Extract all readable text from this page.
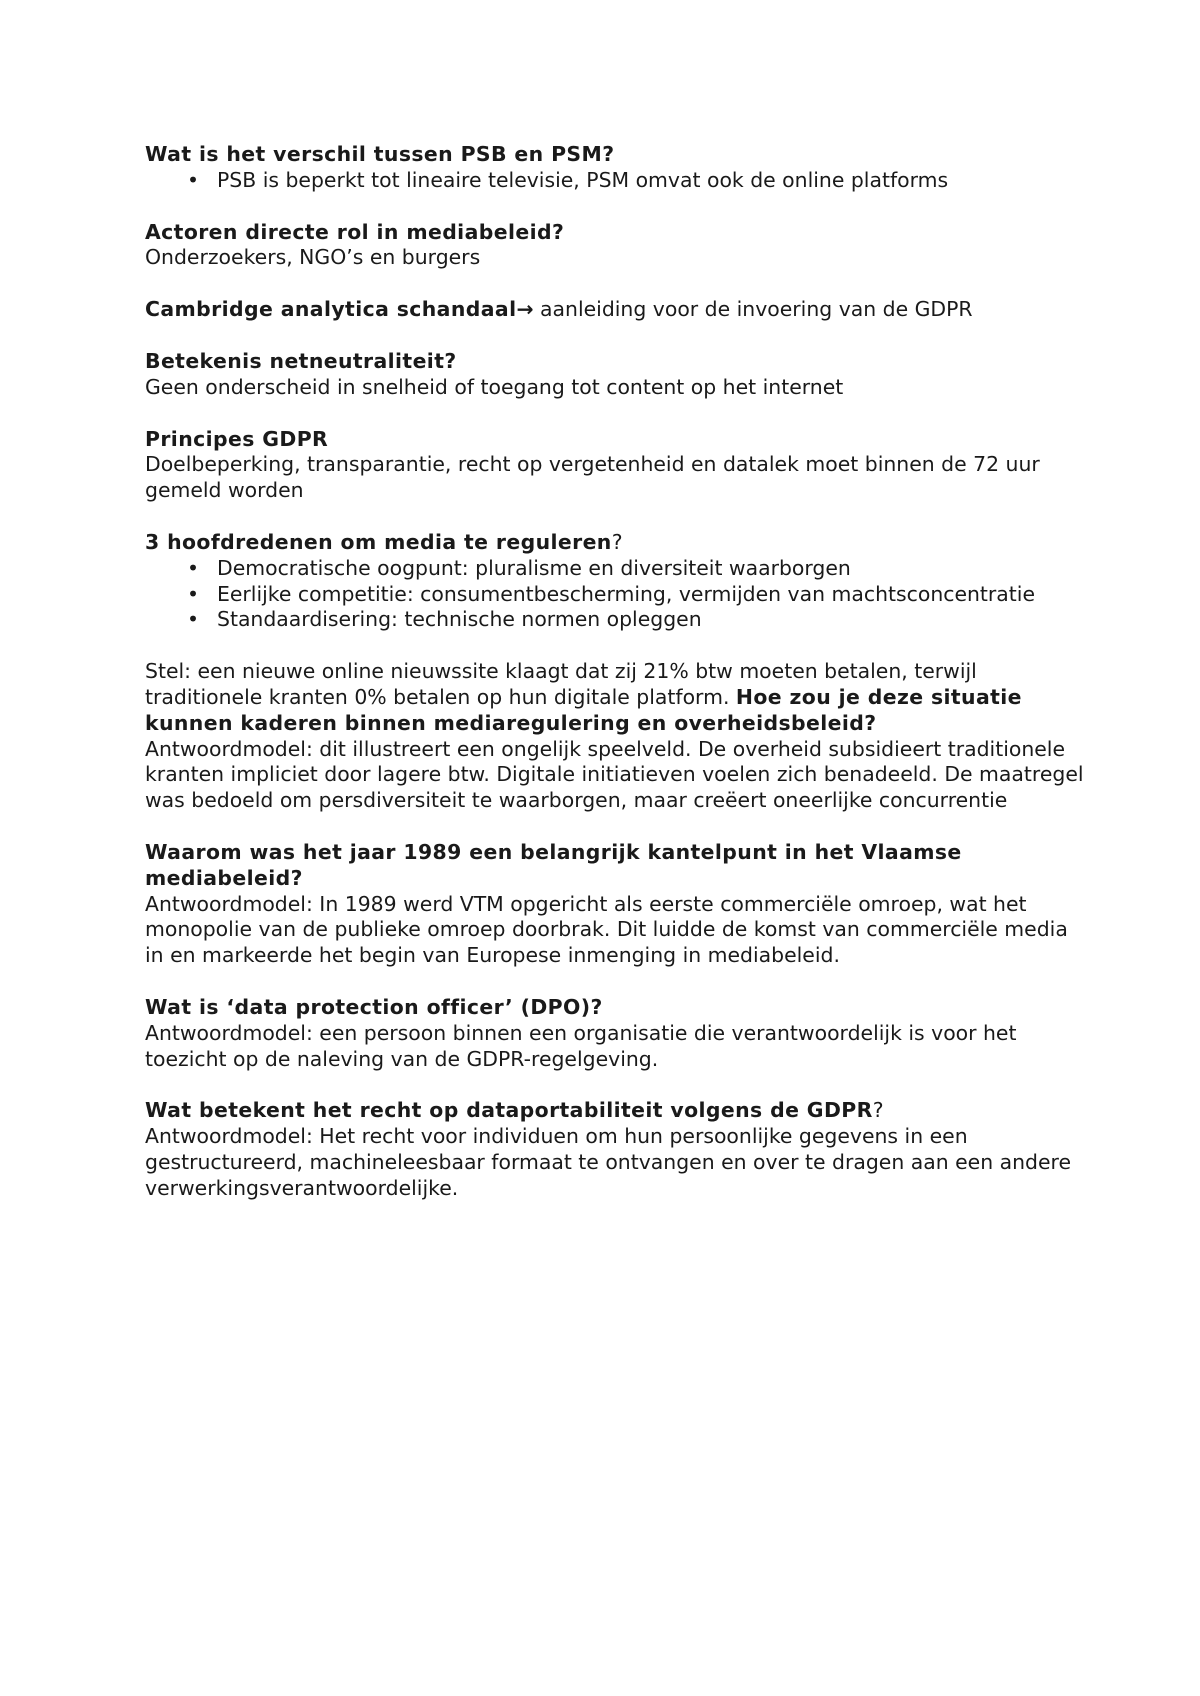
Wat is het verschil tussen PSB en PSM?

• PSB is beperkt tot lineaire televisie, PSM omvat ook de online platforms

Actoren directe rol in mediabeleid?

Onderzoekers, NGO’s en burgers

Cambridge analytica schandaal→ aanleiding voor de invoering van de GDPR

Betekenis netneutraliteit?

Geen onderscheid in snelheid of toegang tot content op het internet

Principes GDPR

Doelbeperking, transparantie, recht op vergetenheid en datalek moet binnen de 72 uur gemeld worden

3 hoofdredenen om media te reguleren?

• Democratische oogpunt: pluralisme en diversiteit waarborgen
• Eerlijke competitie: consumentbescherming, vermijden van machtsconcentratie
• Standaardisering: technische normen opleggen

Stel: een nieuwe online nieuwssite klaagt dat zij 21% btw moeten betalen, terwijl traditionele kranten 0% betalen op hun digitale platform. Hoe zou je deze situatie kunnen kaderen binnen mediaregulering en overheidsbeleid?

Antwoordmodel: dit illustreert een ongelijk speelveld. De overheid subsidieert traditionele kranten impliciet door lagere btw. Digitale initiatieven voelen zich benadeeld. De maatregel was bedoeld om persdiversiteit te waarborgen, maar creëert oneerlijke concurrentie

Waarom was het jaar 1989 een belangrijk kantelpunt in het Vlaamse mediabeleid?

Antwoordmodel: In 1989 werd VTM opgericht als eerste commerciële omroep, wat het monopolie van de publieke omroep doorbrak. Dit luidde de komst van commerciële media in en markeerde het begin van Europese inmenging in mediabeleid.

Wat is ‘data protection officer’ (DPO)?

Antwoordmodel: een persoon binnen een organisatie die verantwoordelijk is voor het toezicht op de naleving van de GDPR-regelgeving.

Wat betekent het recht op dataportabiliteit volgens de GDPR?

Antwoordmodel: Het recht voor individuen om hun persoonlijke gegevens in een gestructureerd, machineleesbaar formaat te ontvangen en over te dragen aan een andere verwerkingsverantwoordelijke.
